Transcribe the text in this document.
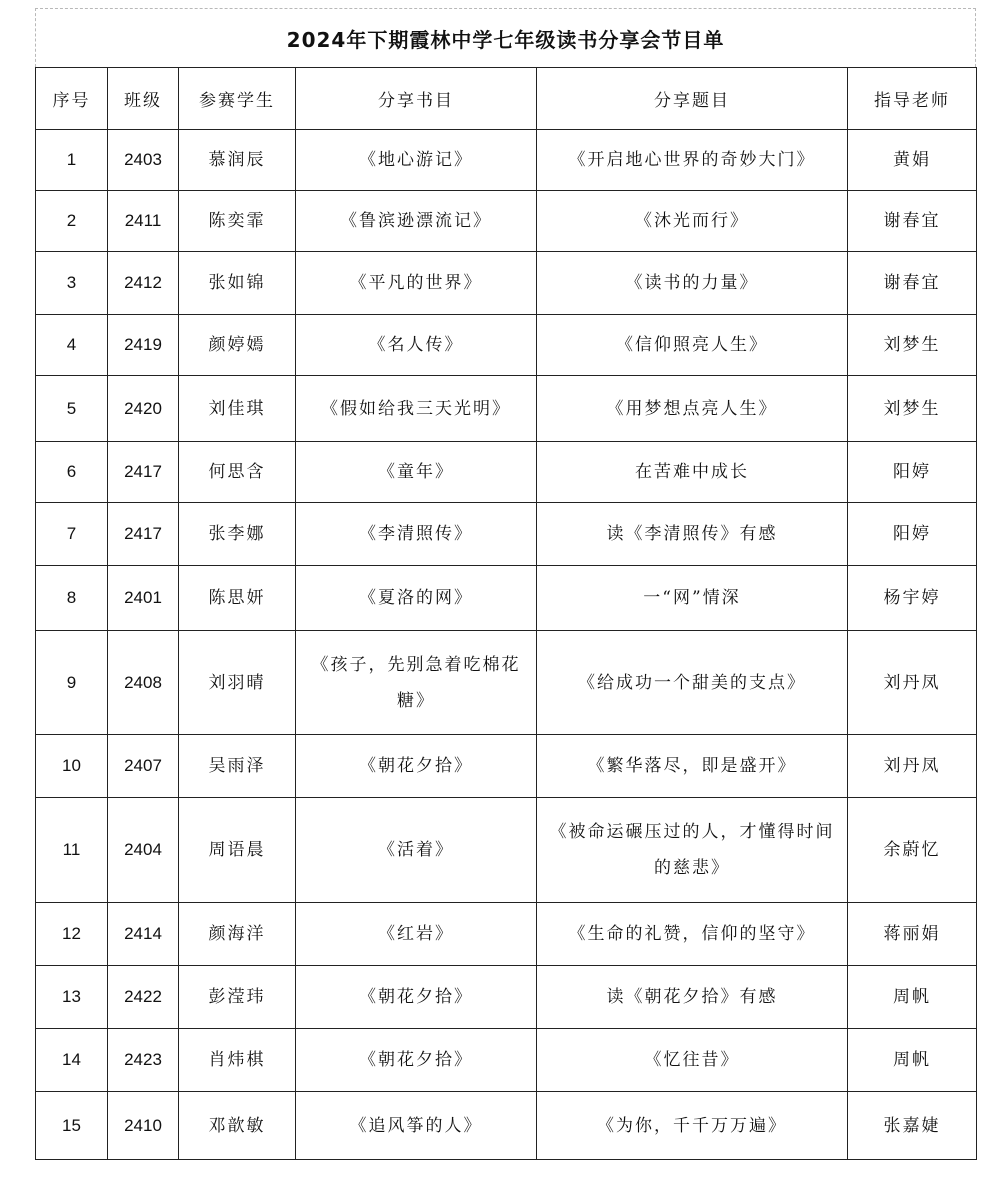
2024年下期霞林中学七年级读书分享会节目单
序号	班级	参赛学生	分享书目	分享题目	指导老师
1	2403	慕润辰	《地心游记》	《开启地心世界的奇妙大门》	黄娟
2	2411	陈奕霏	《鲁滨逊漂流记》	《沐光而行》	谢春宜
3	2412	张如锦	《平凡的世界》	《读书的力量》	谢春宜
4	2419	颜婷嫣	《名人传》	《信仰照亮人生》	刘梦生
5	2420	刘佳琪	《假如给我三天光明》	《用梦想点亮人生》	刘梦生
6	2417	何思含	《童年》	在苦难中成长	阳婷
7	2417	张李娜	《李清照传》	读《李清照传》有感	阳婷
8	2401	陈思妍	《夏洛的网》	一“网”情深	杨宇婷
9	2408	刘羽晴	《孩子，先别急着吃棉花糖》	《给成功一个甜美的支点》	刘丹凤
10	2407	吴雨泽	《朝花夕拾》	《繁华落尽，即是盛开》	刘丹凤
11	2404	周语晨	《活着》	《被命运碾压过的人，才懂得时间的慈悲》	余蔚忆
12	2414	颜海洋	《红岩》	《生命的礼赞，信仰的坚守》	蒋丽娟
13	2422	彭滢玮	《朝花夕拾》	读《朝花夕拾》有感	周帆
14	2423	肖炜棋	《朝花夕拾》	《忆往昔》	周帆
15	2410	邓歆敏	《追风筝的人》	《为你，千千万万遍》	张嘉婕
